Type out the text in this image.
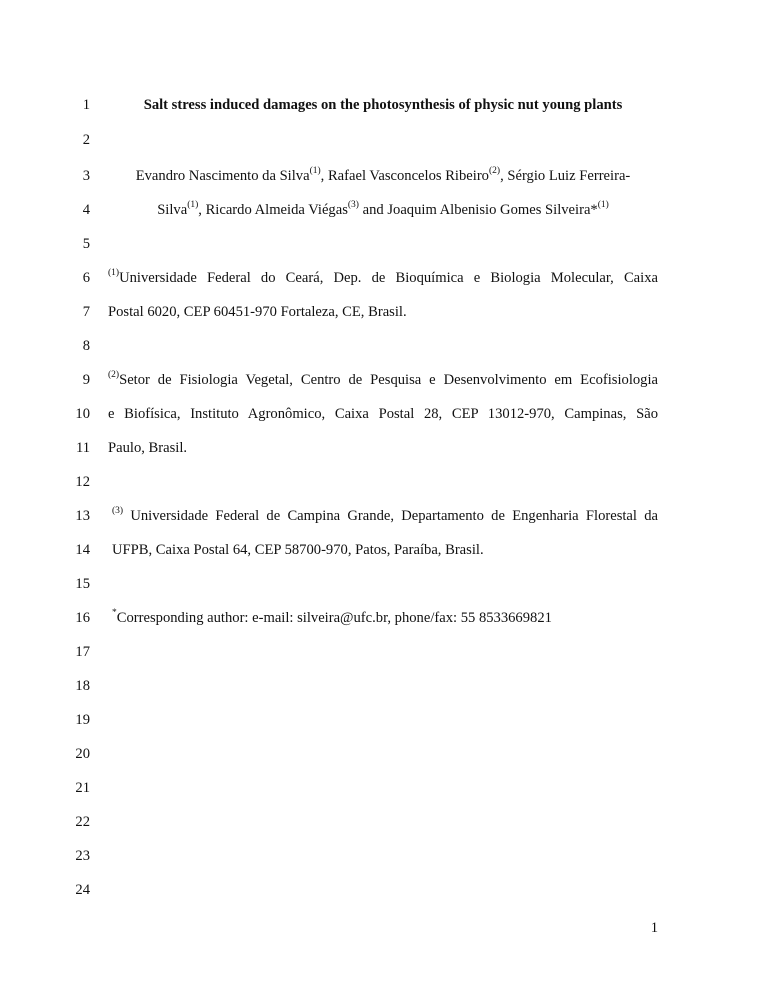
1	Salt stress induced damages on the photosynthesis of physic nut young plants
2
3	Evandro Nascimento da Silva$^{(1)}$, Rafael Vasconcelos Ribeiro$^{(2)}$, Sérgio Luiz Ferreira-
4	Silva$^{(1)}$, Ricardo Almeida Viégas$^{(3)}$ and Joaquim Albenisio Gomes Silveira*$^{(1)}$
5
6 $^{(1)}$Universidade Federal do Ceará, Dep. de Bioquímica e Biologia Molecular, Caixa
7 Postal 6020, CEP 60451-970 Fortaleza, CE, Brasil.
8
9 $^{(2)}$Setor de Fisiologia Vegetal, Centro de Pesquisa e Desenvolvimento em Ecofisiologia
10 e Biofísica, Instituto Agronômico, Caixa Postal 28, CEP 13012-970, Campinas, São
11 Paulo, Brasil.
12
13 $^{(3)}$ Universidade Federal de Campina Grande, Departamento de Engenharia Florestal da
14 UFPB, Caixa Postal 64, CEP 58700-970, Patos, Paraíba, Brasil.
15
16 *Corresponding author: e-mail: silveira@ufc.br, phone/fax: 55 8533669821
17
18
19
20
21
22
23
24
1
